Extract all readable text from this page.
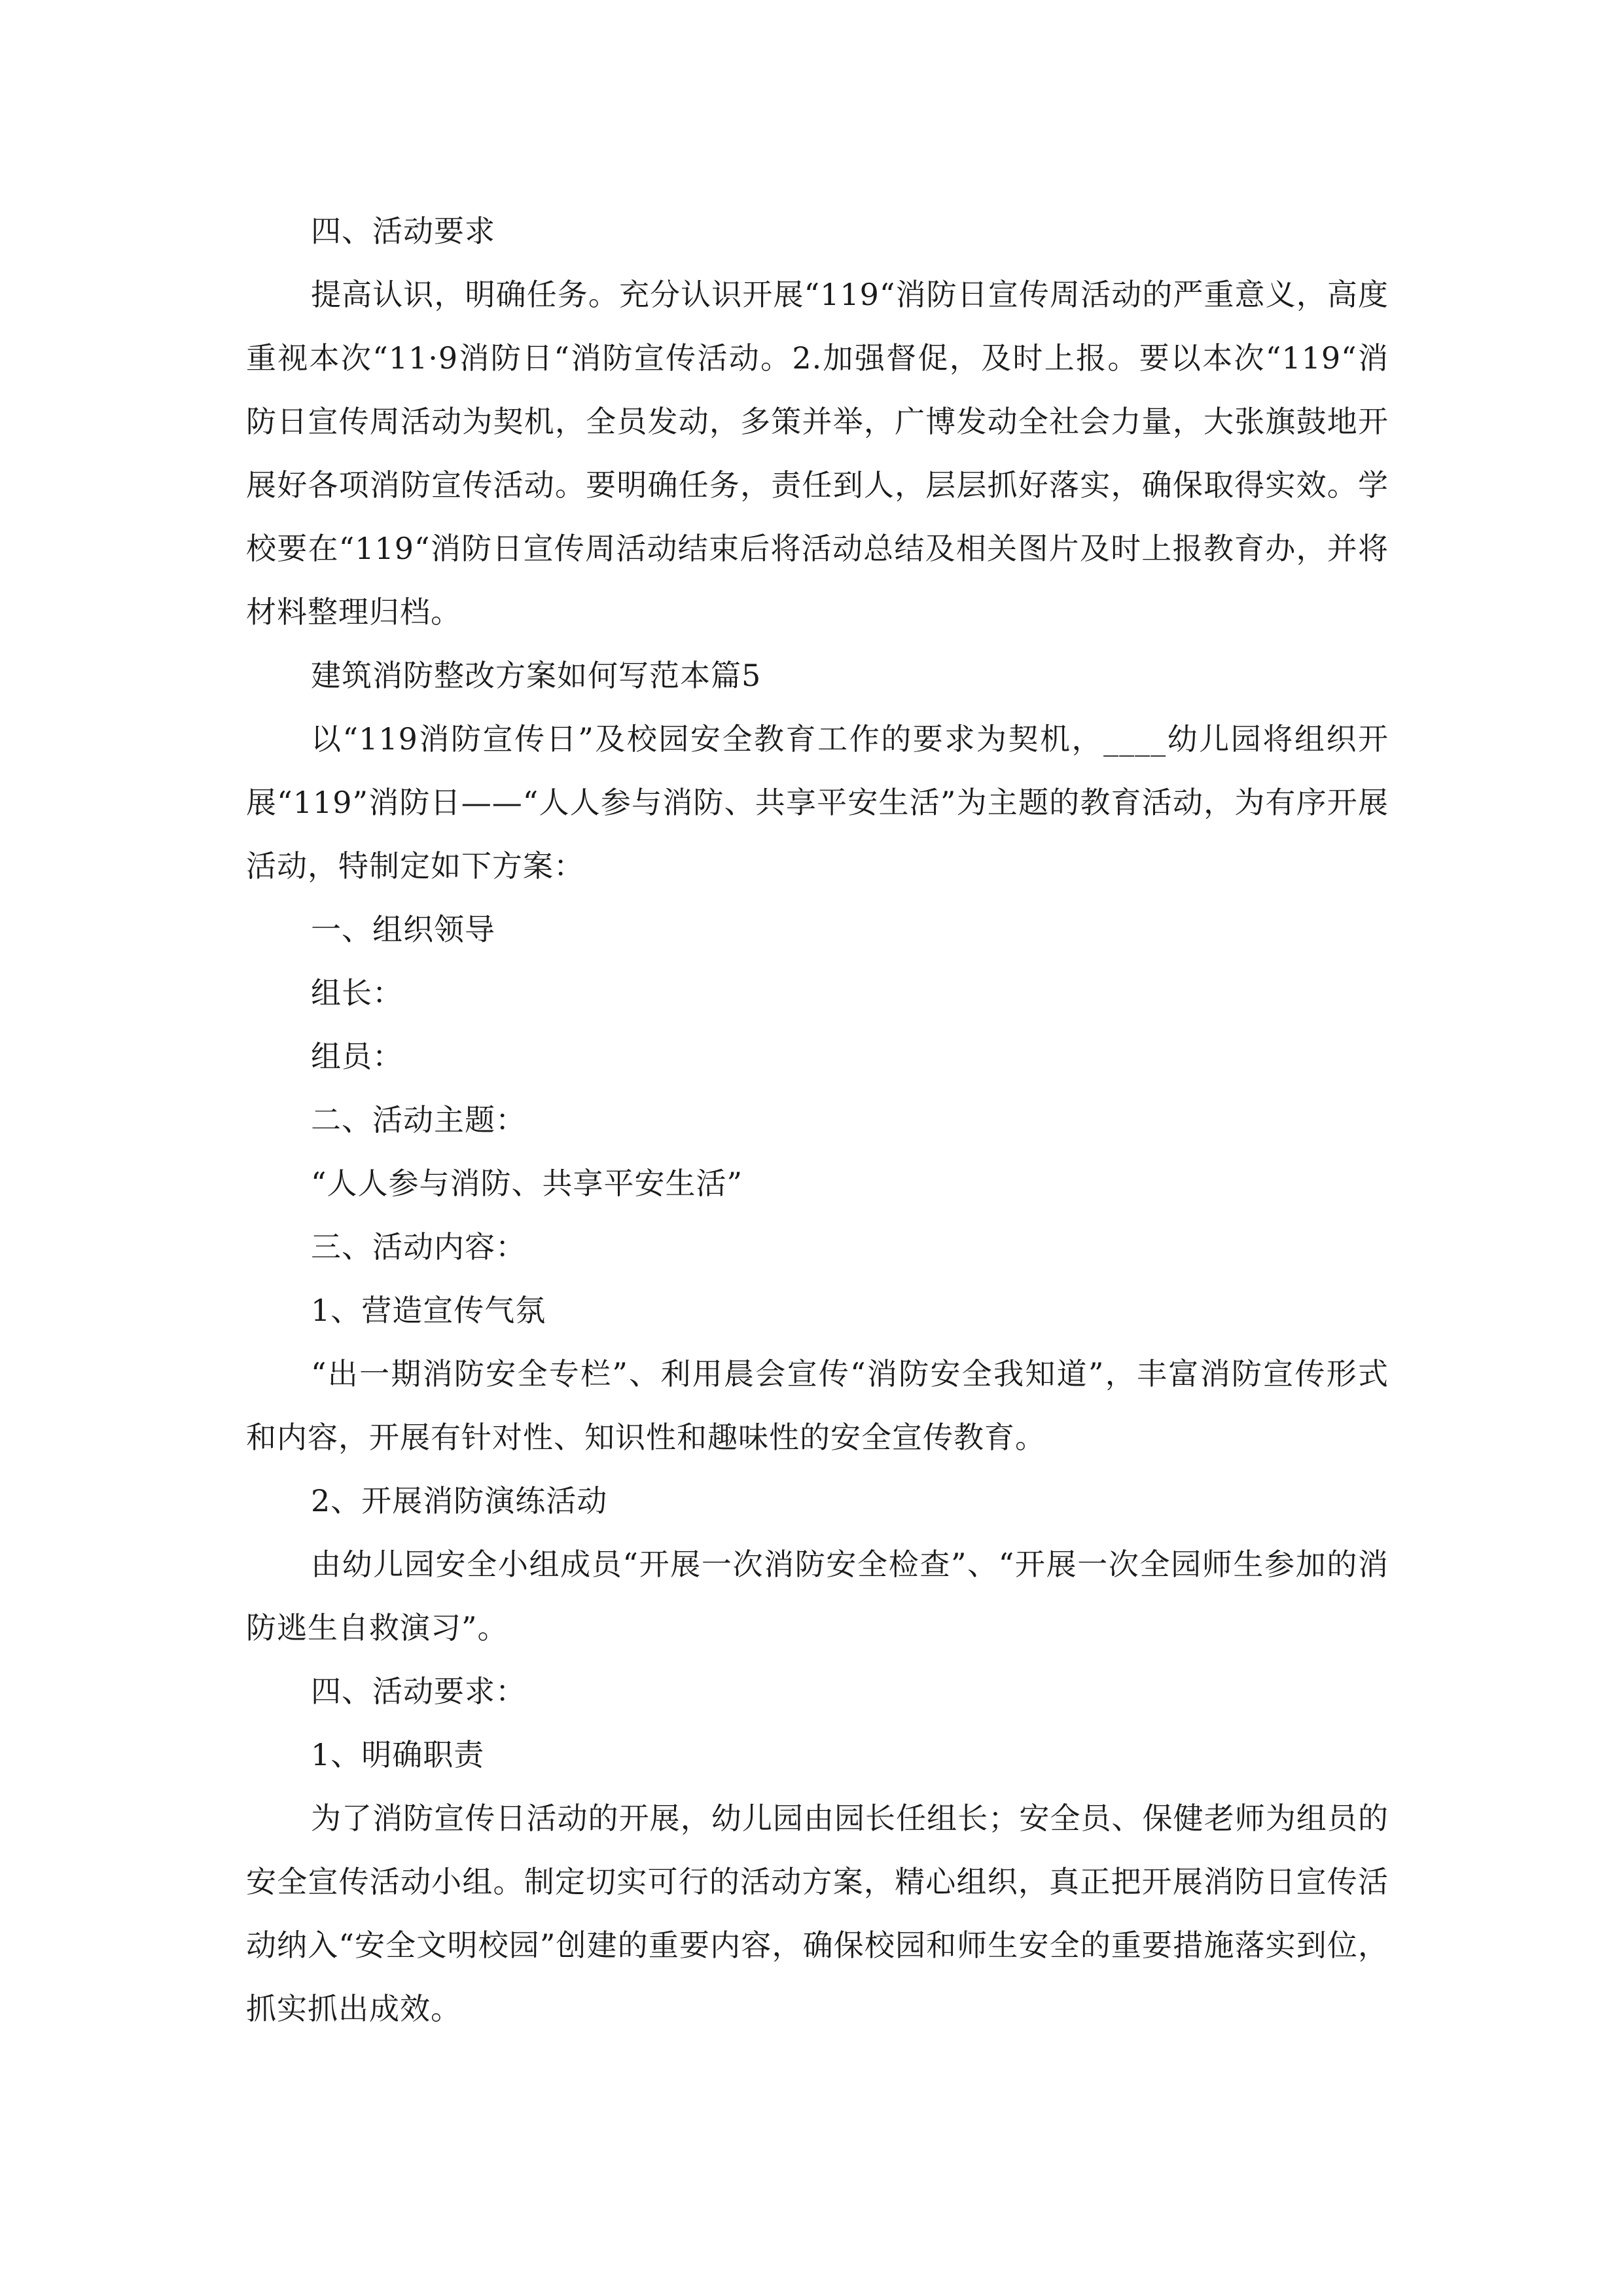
四、活动要求

提高认识，明确任务。充分认识开展“119“消防日宣传周活动的严重意义，高度重视本次“11·9消防日“消防宣传活动。2.加强督促，及时上报。要以本次“119“消防日宣传周活动为契机，全员发动，多策并举，广博发动全社会力量，大张旗鼓地开展好各项消防宣传活动。要明确任务，责任到人，层层抓好落实，确保取得实效。学校要在“119“消防日宣传周活动结束后将活动总结及相关图片及时上报教育办，并将材料整理归档。

建筑消防整改方案如何写范本篇5

以“119消防宣传日”及校园安全教育工作的要求为契机，____幼儿园将组织开展“119”消防日——“人人参与消防、共享平安生活”为主题的教育活动，为有序开展活动，特制定如下方案：

一、组织领导

组长：

组员：

二、活动主题：

“人人参与消防、共享平安生活”

三、活动内容：

1、营造宣传气氛

“出一期消防安全专栏”、利用晨会宣传“消防安全我知道”，丰富消防宣传形式和内容，开展有针对性、知识性和趣味性的安全宣传教育。

2、开展消防演练活动

由幼儿园安全小组成员“开展一次消防安全检查”、“开展一次全园师生参加的消防逃生自救演习”。

四、活动要求：

1、明确职责

为了消防宣传日活动的开展，幼儿园由园长任组长；安全员、保健老师为组员的安全宣传活动小组。制定切实可行的活动方案，精心组织，真正把开展消防日宣传活动纳入“安全文明校园”创建的重要内容，确保校园和师生安全的重要措施落实到位，抓实抓出成效。
